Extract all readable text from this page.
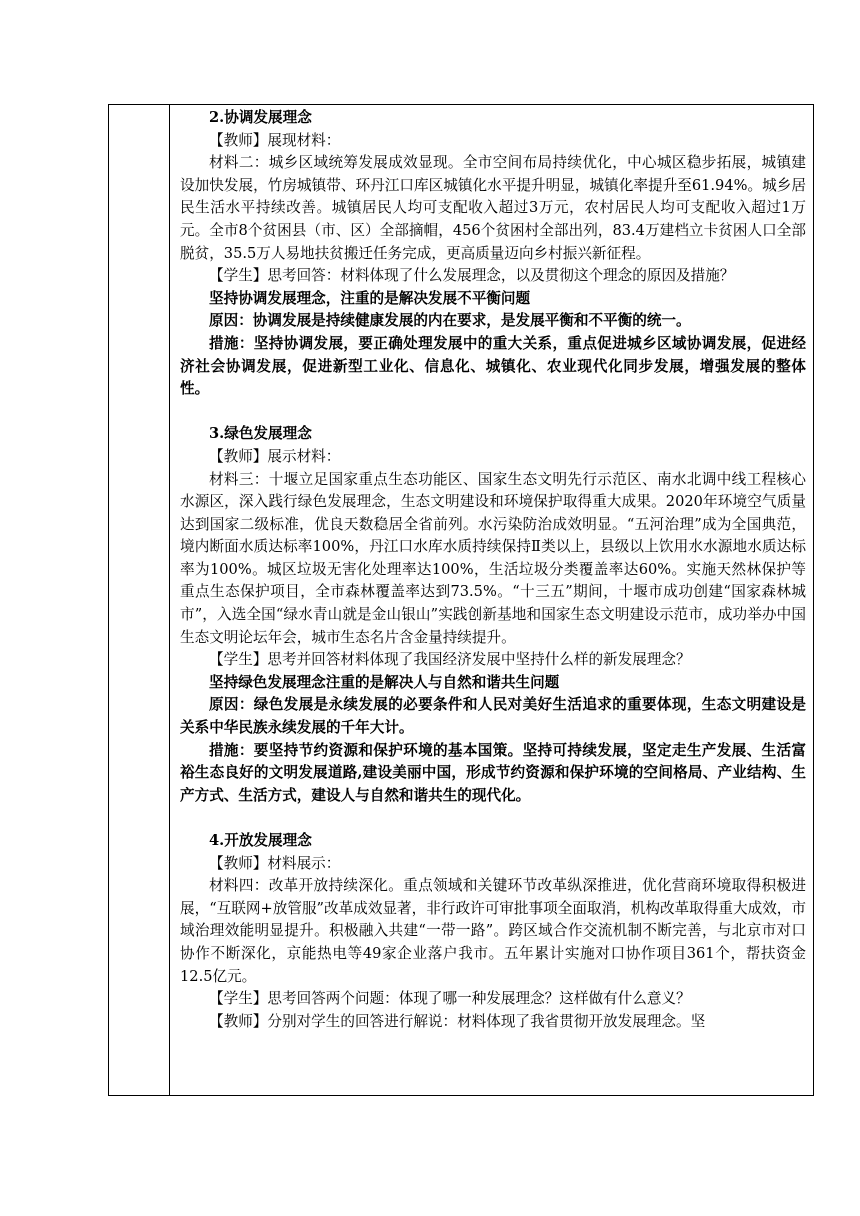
2.协调发展理念

【教师】展现材料：

材料二：城乡区域统筹发展成效显现。全市空间布局持续优化，中心城区稳步拓展，城镇建设加快发展，竹房城镇带、环丹江口库区城镇化水平提升明显，城镇化率提升至61.94%。城乡居民生活水平持续改善。城镇居民人均可支配收入超过3万元，农村居民人均可支配收入超过1万元。全市8个贫困县（市、区）全部摘帽，456个贫困村全部出列，83.4万建档立卡贫困人口全部脱贫，35.5万人易地扶贫搬迁任务完成，更高质量迈向乡村振兴新征程。

【学生】思考回答：材料体现了什么发展理念，以及贯彻这个理念的原因及措施？

坚持协调发展理念，注重的是解决发展不平衡问题

原因：协调发展是持续健康发展的内在要求，是发展平衡和不平衡的统一。

措施：坚持协调发展，要正确处理发展中的重大关系，重点促进城乡区域协调发展，促进经济社会协调发展，促进新型工业化、信息化、城镇化、农业现代化同步发展，增强发展的整体性。

3.绿色发展理念

【教师】展示材料：

材料三：十堰立足国家重点生态功能区、国家生态文明先行示范区、南水北调中线工程核心水源区，深入践行绿色发展理念，生态文明建设和环境保护取得重大成果。2020年环境空气质量达到国家二级标准，优良天数稳居全省前列。水污染防治成效明显。“五河治理”成为全国典范，境内断面水质达标率100%，丹江口水库水质持续保持Ⅱ类以上，县级以上饮用水水源地水质达标率为100%。城区垃圾无害化处理率达100%，生活垃圾分类覆盖率达60%。实施天然林保护等重点生态保护项目，全市森林覆盖率达到73.5%。“十三五”期间，十堰市成功创建“国家森林城市”，入选全国“绿水青山就是金山银山”实践创新基地和国家生态文明建设示范市，成功举办中国生态文明论坛年会，城市生态名片含金量持续提升。

【学生】思考并回答材料体现了我国经济发展中坚持什么样的新发展理念？

坚持绿色发展理念注重的是解决人与自然和谐共生问题

原因：绿色发展是永续发展的必要条件和人民对美好生活追求的重要体现，生态文明建设是关系中华民族永续发展的千年大计。

措施：要坚持节约资源和保护环境的基本国策。坚持可持续发展，坚定走生产发展、生活富裕生态良好的文明发展道路,建设美丽中国，形成节约资源和保护环境的空间格局、产业结构、生产方式、生活方式，建设人与自然和谐共生的现代化。

4.开放发展理念

【教师】材料展示：

材料四：改革开放持续深化。重点领域和关键环节改革纵深推进，优化营商环境取得积极进展，“互联网+放管服”改革成效显著，非行政许可审批事项全面取消，机构改革取得重大成效，市域治理效能明显提升。积极融入共建“一带一路”。跨区域合作交流机制不断完善，与北京市对口协作不断深化，京能热电等49家企业落户我市。五年累计实施对口协作项目361个，帮扶资金12.5亿元。

【学生】思考回答两个问题：体现了哪一种发展理念？这样做有什么意义？

【教师】分别对学生的回答进行解说：材料体现了我省贯彻开放发展理念。坚
